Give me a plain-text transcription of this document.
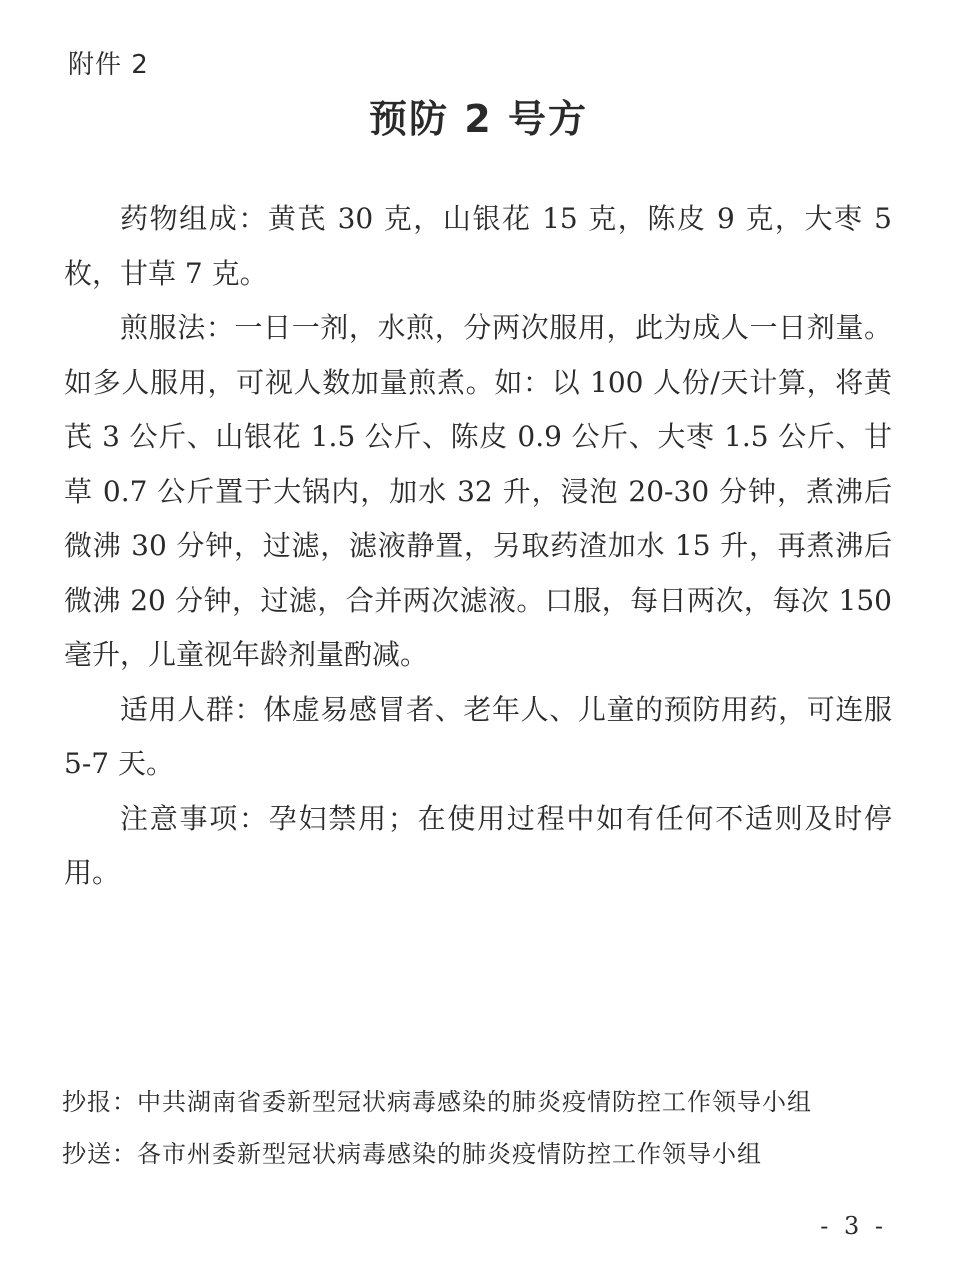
附件 2
预防 2 号方

药物组成：黄芪 30 克，山银花 15 克，陈皮 9 克，大枣 5 枚，甘草 7 克。

煎服法：一日一剂，水煎，分两次服用，此为成人一日剂量。如多人服用，可视人数加量煎煮。如：以 100 人份/天计算，将黄芪 3 公斤、山银花 1.5 公斤、陈皮 0.9 公斤、大枣 1.5 公斤、甘草 0.7 公斤置于大锅内，加水 32 升，浸泡 20-30 分钟，煮沸后微沸 30 分钟，过滤，滤液静置，另取药渣加水 15 升，再煮沸后微沸 20 分钟，过滤，合并两次滤液。口服，每日两次，每次 150 毫升，儿童视年龄剂量酌减。

适用人群：体虚易感冒者、老年人、儿童的预防用药，可连服 5-7 天。

注意事项：孕妇禁用；在使用过程中如有任何不适则及时停用。

抄报：中共湖南省委新型冠状病毒感染的肺炎疫情防控工作领导小组
抄送：各市州委新型冠状病毒感染的肺炎疫情防控工作领导小组
- 3 -
